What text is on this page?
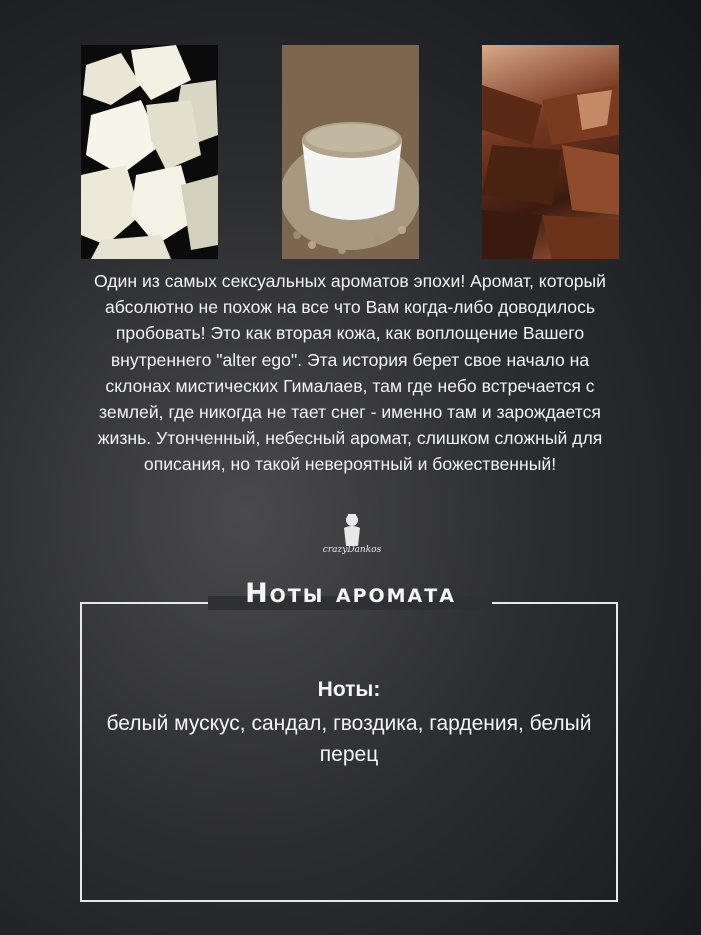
Один из самых сексуальных ароматов эпохи! Аромат, который абсолютно не похож на все что Вам когда-либо доводилось пробовать! Это как вторая кожа, как воплощение Вашего внутреннего "alter ego". Эта история берет свое начало на склонах мистических Гималаев, там где небо встречается с землей, где никогда не тает снег - именно там и зарождается жизнь. Утонченный, небесный аромат, слишком сложный для описания, но такой невероятный и божественный!
crazyDankos
Ноты аромата
Ноты:
белый мускус, сандал, гвоздика, гардения, белый перец
